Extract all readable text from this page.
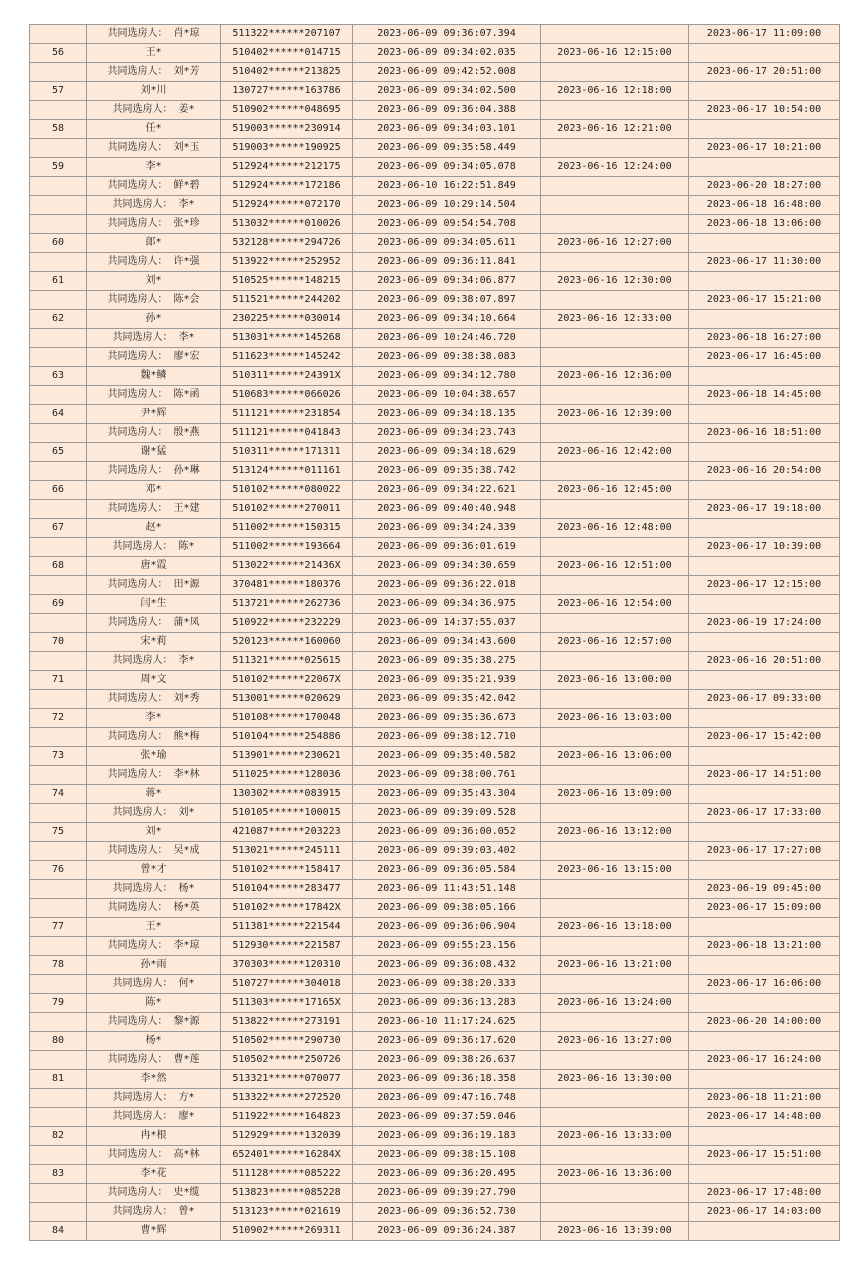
	共同选房人： 肖*琼	511322******207107	2023-06-09 09:36:07.394		2023-06-17 11:09:00
56	王*	510402******014715	2023-06-09 09:34:02.035	2023-06-16 12:15:00	
	共同选房人： 刘*芳	510402******213825	2023-06-09 09:42:52.008		2023-06-17 20:51:00
57	刘*川	130727******163786	2023-06-09 09:34:02.500	2023-06-16 12:18:00	
	共同选房人： 姜*	510902******048695	2023-06-09 09:36:04.388		2023-06-17 10:54:00
58	任*	519003******230914	2023-06-09 09:34:03.101	2023-06-16 12:21:00	
	共同选房人： 刘*玉	519003******190925	2023-06-09 09:35:58.449		2023-06-17 10:21:00
59	李*	512924******212175	2023-06-09 09:34:05.078	2023-06-16 12:24:00	
	共同选房人： 鲜*碧	512924******172186	2023-06-10 16:22:51.849		2023-06-20 18:27:00
	共同选房人： 李*	512924******072170	2023-06-09 10:29:14.504		2023-06-18 16:48:00
	共同选房人： 张*珍	513032******010026	2023-06-09 09:54:54.708		2023-06-18 13:06:00
60	郎*	532128******294726	2023-06-09 09:34:05.611	2023-06-16 12:27:00	
	共同选房人： 许*强	513922******252952	2023-06-09 09:36:11.841		2023-06-17 11:30:00
61	刘*	510525******148215	2023-06-09 09:34:06.877	2023-06-16 12:30:00	
	共同选房人： 陈*会	511521******244202	2023-06-09 09:38:07.897		2023-06-17 15:21:00
62	孙*	230225******030014	2023-06-09 09:34:10.664	2023-06-16 12:33:00	
	共同选房人： 李*	513031******145268	2023-06-09 10:24:46.720		2023-06-18 16:27:00
	共同选房人： 廖*宏	511623******145242	2023-06-09 09:38:38.083		2023-06-17 16:45:00
63	魏*鳞	510311******24391X	2023-06-09 09:34:12.780	2023-06-16 12:36:00	
	共同选房人： 陈*函	510683******066026	2023-06-09 10:04:38.657		2023-06-18 14:45:00
64	尹*辉	511121******231854	2023-06-09 09:34:18.135	2023-06-16 12:39:00	
	共同选房人： 殷*燕	511121******041843	2023-06-09 09:34:23.743		2023-06-16 18:51:00
65	谢*猛	510311******171311	2023-06-09 09:34:18.629	2023-06-16 12:42:00	
	共同选房人： 孙*琳	513124******011161	2023-06-09 09:35:38.742		2023-06-16 20:54:00
66	邓*	510102******080022	2023-06-09 09:34:22.621	2023-06-16 12:45:00	
	共同选房人： 王*建	510102******270011	2023-06-09 09:40:40.948		2023-06-17 19:18:00
67	赵*	511002******150315	2023-06-09 09:34:24.339	2023-06-16 12:48:00	
	共同选房人： 陈*	511002******193664	2023-06-09 09:36:01.619		2023-06-17 10:39:00
68	唐*霞	513022******21436X	2023-06-09 09:34:30.659	2023-06-16 12:51:00	
	共同选房人： 田*源	370481******180376	2023-06-09 09:36:22.018		2023-06-17 12:15:00
69	闫*生	513721******262736	2023-06-09 09:34:36.975	2023-06-16 12:54:00	
	共同选房人： 蒲*凤	510922******232229	2023-06-09 14:37:55.037		2023-06-19 17:24:00
70	宋*莉	520123******160060	2023-06-09 09:34:43.600	2023-06-16 12:57:00	
	共同选房人： 李*	511321******025615	2023-06-09 09:35:38.275		2023-06-16 20:51:00
71	周*文	510102******22067X	2023-06-09 09:35:21.939	2023-06-16 13:00:00	
	共同选房人： 刘*秀	513001******020629	2023-06-09 09:35:42.042		2023-06-17 09:33:00
72	李*	510108******170048	2023-06-09 09:35:36.673	2023-06-16 13:03:00	
	共同选房人： 熊*梅	510104******254886	2023-06-09 09:38:12.710		2023-06-17 15:42:00
73	张*瑜	513901******230621	2023-06-09 09:35:40.582	2023-06-16 13:06:00	
	共同选房人： 李*林	511025******128036	2023-06-09 09:38:00.761		2023-06-17 14:51:00
74	蒋*	130302******083915	2023-06-09 09:35:43.304	2023-06-16 13:09:00	
	共同选房人： 刘*	510105******100015	2023-06-09 09:39:09.528		2023-06-17 17:33:00
75	刘*	421087******203223	2023-06-09 09:36:00.052	2023-06-16 13:12:00	
	共同选房人： 吴*成	513021******245111	2023-06-09 09:39:03.402		2023-06-17 17:27:00
76	曾*才	510102******158417	2023-06-09 09:36:05.584	2023-06-16 13:15:00	
	共同选房人： 杨*	510104******283477	2023-06-09 11:43:51.148		2023-06-19 09:45:00
	共同选房人： 杨*英	510102******17842X	2023-06-09 09:38:05.166		2023-06-17 15:09:00
77	王*	511381******221544	2023-06-09 09:36:06.904	2023-06-16 13:18:00	
	共同选房人： 李*琼	512930******221587	2023-06-09 09:55:23.156		2023-06-18 13:21:00
78	孙*雨	370303******120310	2023-06-09 09:36:08.432	2023-06-16 13:21:00	
	共同选房人： 何*	510727******304018	2023-06-09 09:38:20.333		2023-06-17 16:06:00
79	陈*	511303******17165X	2023-06-09 09:36:13.283	2023-06-16 13:24:00	
	共同选房人： 黎*源	513822******273191	2023-06-10 11:17:24.625		2023-06-20 14:00:00
80	杨*	510502******290730	2023-06-09 09:36:17.620	2023-06-16 13:27:00	
	共同选房人： 曹*莲	510502******250726	2023-06-09 09:38:26.637		2023-06-17 16:24:00
81	李*然	513321******070077	2023-06-09 09:36:18.358	2023-06-16 13:30:00	
	共同选房人： 方*	513322******272520	2023-06-09 09:47:16.748		2023-06-18 11:21:00
	共同选房人： 廖*	511922******164823	2023-06-09 09:37:59.046		2023-06-17 14:48:00
82	冉*根	512929******132039	2023-06-09 09:36:19.183	2023-06-16 13:33:00	
	共同选房人： 高*林	652401******16284X	2023-06-09 09:38:15.108		2023-06-17 15:51:00
83	李*花	511128******085222	2023-06-09 09:36:20.495	2023-06-16 13:36:00	
	共同选房人： 史*缆	513823******085228	2023-06-09 09:39:27.790		2023-06-17 17:48:00
	共同选房人： 曾*	513123******021619	2023-06-09 09:36:52.730		2023-06-17 14:03:00
84	曹*辉	510902******269311	2023-06-09 09:36:24.387	2023-06-16 13:39:00	
